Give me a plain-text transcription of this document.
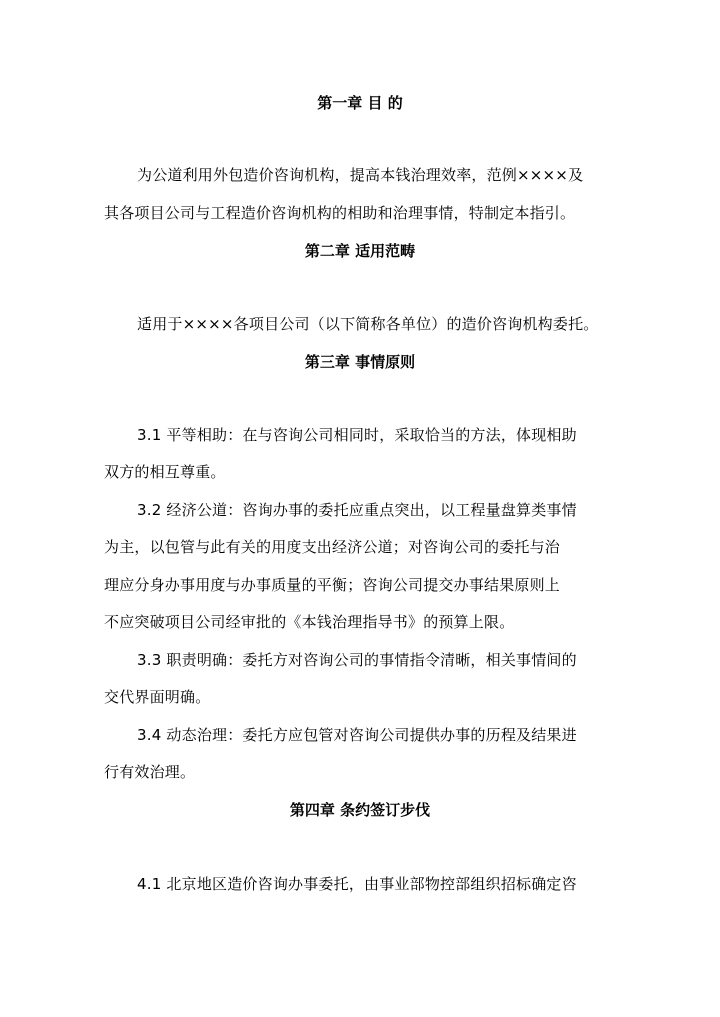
第一章 目 的

为公道利用外包造价咨询机构，提高本钱治理效率，范例××××及

其各项目公司与工程造价咨询机构的相助和治理事情，特制定本指引。

第二章 适用范畴

适用于××××各项目公司（以下简称各单位）的造价咨询机构委托。

第三章 事情原则

3.1 平等相助：在与咨询公司相同时，采取恰当的方法，体现相助

双方的相互尊重。

3.2 经济公道：咨询办事的委托应重点突出，以工程量盘算类事情

为主，以包管与此有关的用度支出经济公道；对咨询公司的委托与治

理应分身办事用度与办事质量的平衡；咨询公司提交办事结果原则上

不应突破项目公司经审批的《本钱治理指导书》的预算上限。

3.3 职责明确：委托方对咨询公司的事情指令清晰，相关事情间的

交代界面明确。

3.4 动态治理：委托方应包管对咨询公司提供办事的历程及结果进

行有效治理。

第四章 条约签订步伐

4.1 北京地区造价咨询办事委托，由事业部物控部组织招标确定咨
